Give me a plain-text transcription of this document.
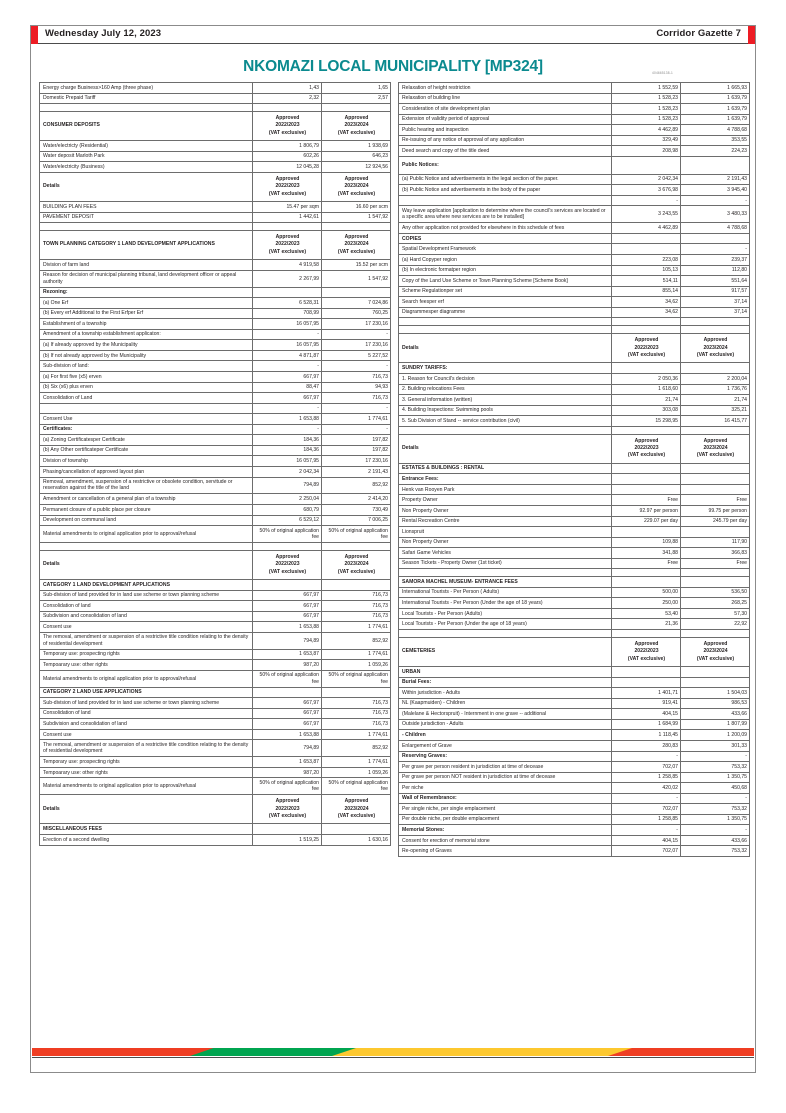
Wednesday July 12, 2023	Corridor Gazette 7
NKOMAZI LOCAL MUNICIPALITY [MP324]	404665138-1
Energy charge Business>160 Amp (three phase)	1,43	1,65
Domestic Prepaid Tariff	2,32	2,57

CONSUMER DEPOSITS	Approved
2022/2023
(VAT exclusive)	Approved
2023/2024
(VAT exclusive)
Water/electricty (Residential)	1 806,79	1 938,69
Water deposit Marloth Park	602,26	646,23
Water/electricity (Business)	12 045,28	12 924,56
Details	Approved
2022/2023
(VAT exclusive)	Approved
2023/2024
(VAT exclusive)
BUILDING PLAN FEES	15.47 per sqm	16.60 per scm
PAVEMENT DEPOSIT	1 442,61	1 547,92

TOWN PLANNING CATEGORY 1 LAND DEVELOPMENT APPLICATIONS	Approved
2022/2023
(VAT exclusive)	Approved
2023/2024
(VAT exclusive)
Division of farm land	4 919,58	15.52 per scm
Reason for decision of municipal planning tribunal, land development officer or appeal authority	2 267,99	1 547,92
Rezoning:		
(a) One Erf	6 528,31	7 024,86
(b) Every erf Additional to the First Erfper Erf	708,99	760,25
Establishment of a township	16 057,95	17 230,16
Amendment of a township establishment applicaton:	-	-
(a) If already approved by the Municipality	16 057,95	17 230,16
(b) If not already approved by the Municipality	4 871,87	5 227,52
Sub-division of land:	-	-
(a) For first five (x5) erven	667,97	716,73
(b) Six (x6) plus erven	88,47	94,93
Consolidation of Land	667,97	716,73
	-	-
Consent Use	1 653,88	1 774,61
Certificates:	-	-
(a) Zoning Certificatesper Certificate	184,36	197,82
(b) Any Other certificateper Certificate	184,36	197,82
Division of township	16 057,95	17 230,16
Phasing/cancellation of approved layout plan	2 042,34	2 191,43
Removal, amendment, suspension of a restrictive or obsolete condition, servitude or reservation against the title of the land	794,89	852,92
Amendment or cancellation of a general plan of a township	2 250,04	2 414,20
Permanent closure of a public place per closure	680,79	730,49
Development on communal land	6 529,12	7 006,25
Material amendments to original application prior to approval/refusal	50% of original application fee	50% of original application fee

Details	Approved
2022/2023
(VAT exclusive)	Approved
2023/2024
(VAT exclusive)
CATEGORY 1 LAND DEVELOPMENT APPLICATIONS		
Sub-division of land provided for in land use scheme or town planning scheme	667,97	716,73
Consolidation of land	667,97	716,73
Subdivision and consolidation of land	667,97	716,73
Consent use	1 653,88	1 774,61
The removal, amendment or suspension of a restrictive title condition relating to the density of residential development	794,89	852,92
Temporary use: prospecting rights	1 653,87	1 774,61
Tempoarary use: other rights	987,20	1 059,26
Material amendments to original application prior to approval/refusal	50% of original application fee	50% of original application fee
CATEGORY 2 LAND USE APPLICATIONS		
Sub-division of land provided for in land use scheme or town planning scheme	667,97	716,73
Consolidation of land	667,97	716,73
Subdivision and consolidation of land	667,97	716,73
Consent use	1 653,88	1 774,61
The removal, amendment or suspension of a restrictive title condition relating to the density of residential development	794,89	852,92
Temporary use: prospecting rights	1 653,87	1 774,61
Tempoarary use: other rights	987,20	1 059,26
Material amendments to original application prior to approval/refusal	50% of original application fee	50% of original application fee
Details	Approved
2022/2023
(VAT exclusive)	Approved
2023/2024
(VAT exclusive)
MISCELLANEOUS FEES		
Erection of a second dwelling	1 519,25	1 630,16
Relaxation of height restriction	1 552,59	1 665,93
Relaxation of building line	1 528,23	1 639,79
Consideration of site development plan	1 528,23	1 639,79
Extension of validity period of approval	1 528,23	1 639,79
Public hearing and inspection	4 462,89	4 788,68
Re-issuing of any notice of approval of any application	329,49	353,55
Deed search and copy of the title deed	208,98	224,23
Public Notices:		
(a) Public Notice and advertisements in the legal section of the paper.	2 042,34	2 191,43
(b) Public Notice and advertisements in the body of the paper	3 676,98	3 945,40
	-	-
Way leave application [application to determine where the council's services are located or a specific area where new services are to be installed]	3 243,55	3 480,33
Any other application not provided for elsewhere in this schedule of fees	4 462,89	4 788,68
COPIES		
Spatial Development Framework		-
(a) Hard Copyper region	223,08	239,37
(b) In electronic formatper region	105,13	112,80
Copy of the Land Use Scheme or Town Planning Scheme [Scheme Book]	514,11	551,64
Scheme Regulationper set	855,14	917,57
Search feesper erf	34,62	37,14
Diagrammesper diagramme	34,62	37,14

Details	Approved
2022/2023
(VAT exclusive)	Approved
2023/2024
(VAT exclusive)
SUNDRY TARIFFS:		
1. Reason for Council's decision	2 050,36	2 200,04
2. Building relocations Fees	1 618,60	1 736,76
3. General information (written)	21,74	21,74
4. Building Inspections: Swimming pools	303,08	325,21
5. Sub Division of Stand -- service contribution (civil)	15 298,95	16 415,77

Details	Approved
2022/2023
(VAT exclusive)	Approved
2023/2024
(VAT exclusive)
ESTATES & BUILDINGS : RENTAL		
Entrance Fees:		
Henk van Rooyen Park		
Property Owner	Free	Free
Non Property Owner	92.97 per person	99.75 per person
Rental Recreation Centre	229.07 per day	245.79 per day
Lionspruit		
Non Property Owner	109,88	117,90
Safari Game Vehicles	341,88	366,83
Season Tickets - Property Owner (1st ticket)	Free	Free

SAMORA MACHEL MUSEUM- ENTRANCE FEES		
International Tourists - Per Person ( Adults)	500,00	536,50
International Tourists - Per Person (Under the age of 18 years)	250,00	268,25
Local Tourists - Per Person (Adults)	53,40	57,30
Local Tourists - Per Person (Under the age of 18 years)	21,36	22,92

CEMETERIES	Approved
2022/2023
(VAT exclusive)	Approved
2023/2024
(VAT exclusive)
URBAN		
Burial Fees:		
Within jurisdiction - Adults	1 401,71	1 504,03
NL (Kaapmuiden) - Children	919,41	986,53
(Malelane & Hectorspruit) - Internment in one grave -- additional	404,15	433,66
Outside jurisdiction - Adults	1 684,99	1 807,99
- Children	1 118,45	1 200,09
Enlargement of Grave	280,83	301,33
Reserving Graves:	-	-
Per grave per person resident in jurisdiction at time of decease	702,07	753,32
Per grave per person NOT resident in jurisdiction at time of decease	1 258,85	1 350,75
Per niche	420,02	450,68
Wall of Remembrance:	-	-
Per single niche, per single emplacement	702,07	753,32
Per double niche, per double emplacement	1 258,85	1 350,75
Memorial Stones:	-	-
Consent for erection of memorial stone	404,15	433,66
Re-opening of Graves	702,07	753,32
